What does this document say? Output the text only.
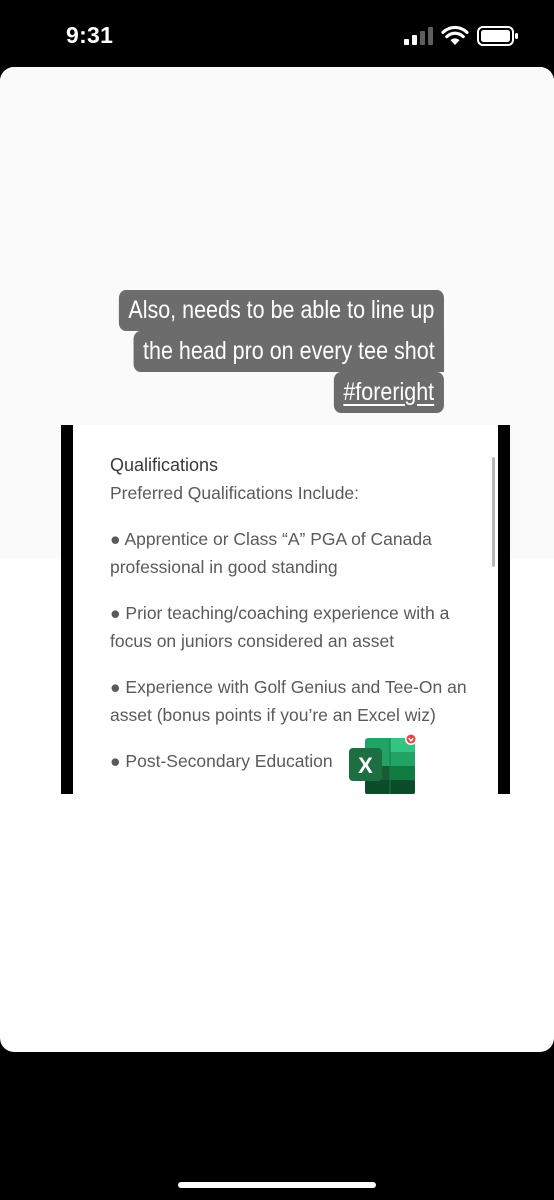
9:31
Also, needs to be able to line up
the head pro on every tee shot
#foreright
Qualifications
Preferred Qualifications Include:
● Apprentice or Class “A” PGA of Canada professional in good standing
● Prior teaching/coaching experience with a focus on juniors considered an asset
● Experience with Golf Genius and Tee-On an asset (bonus points if you’re an Excel wiz)
● Post-Secondary Education	X
